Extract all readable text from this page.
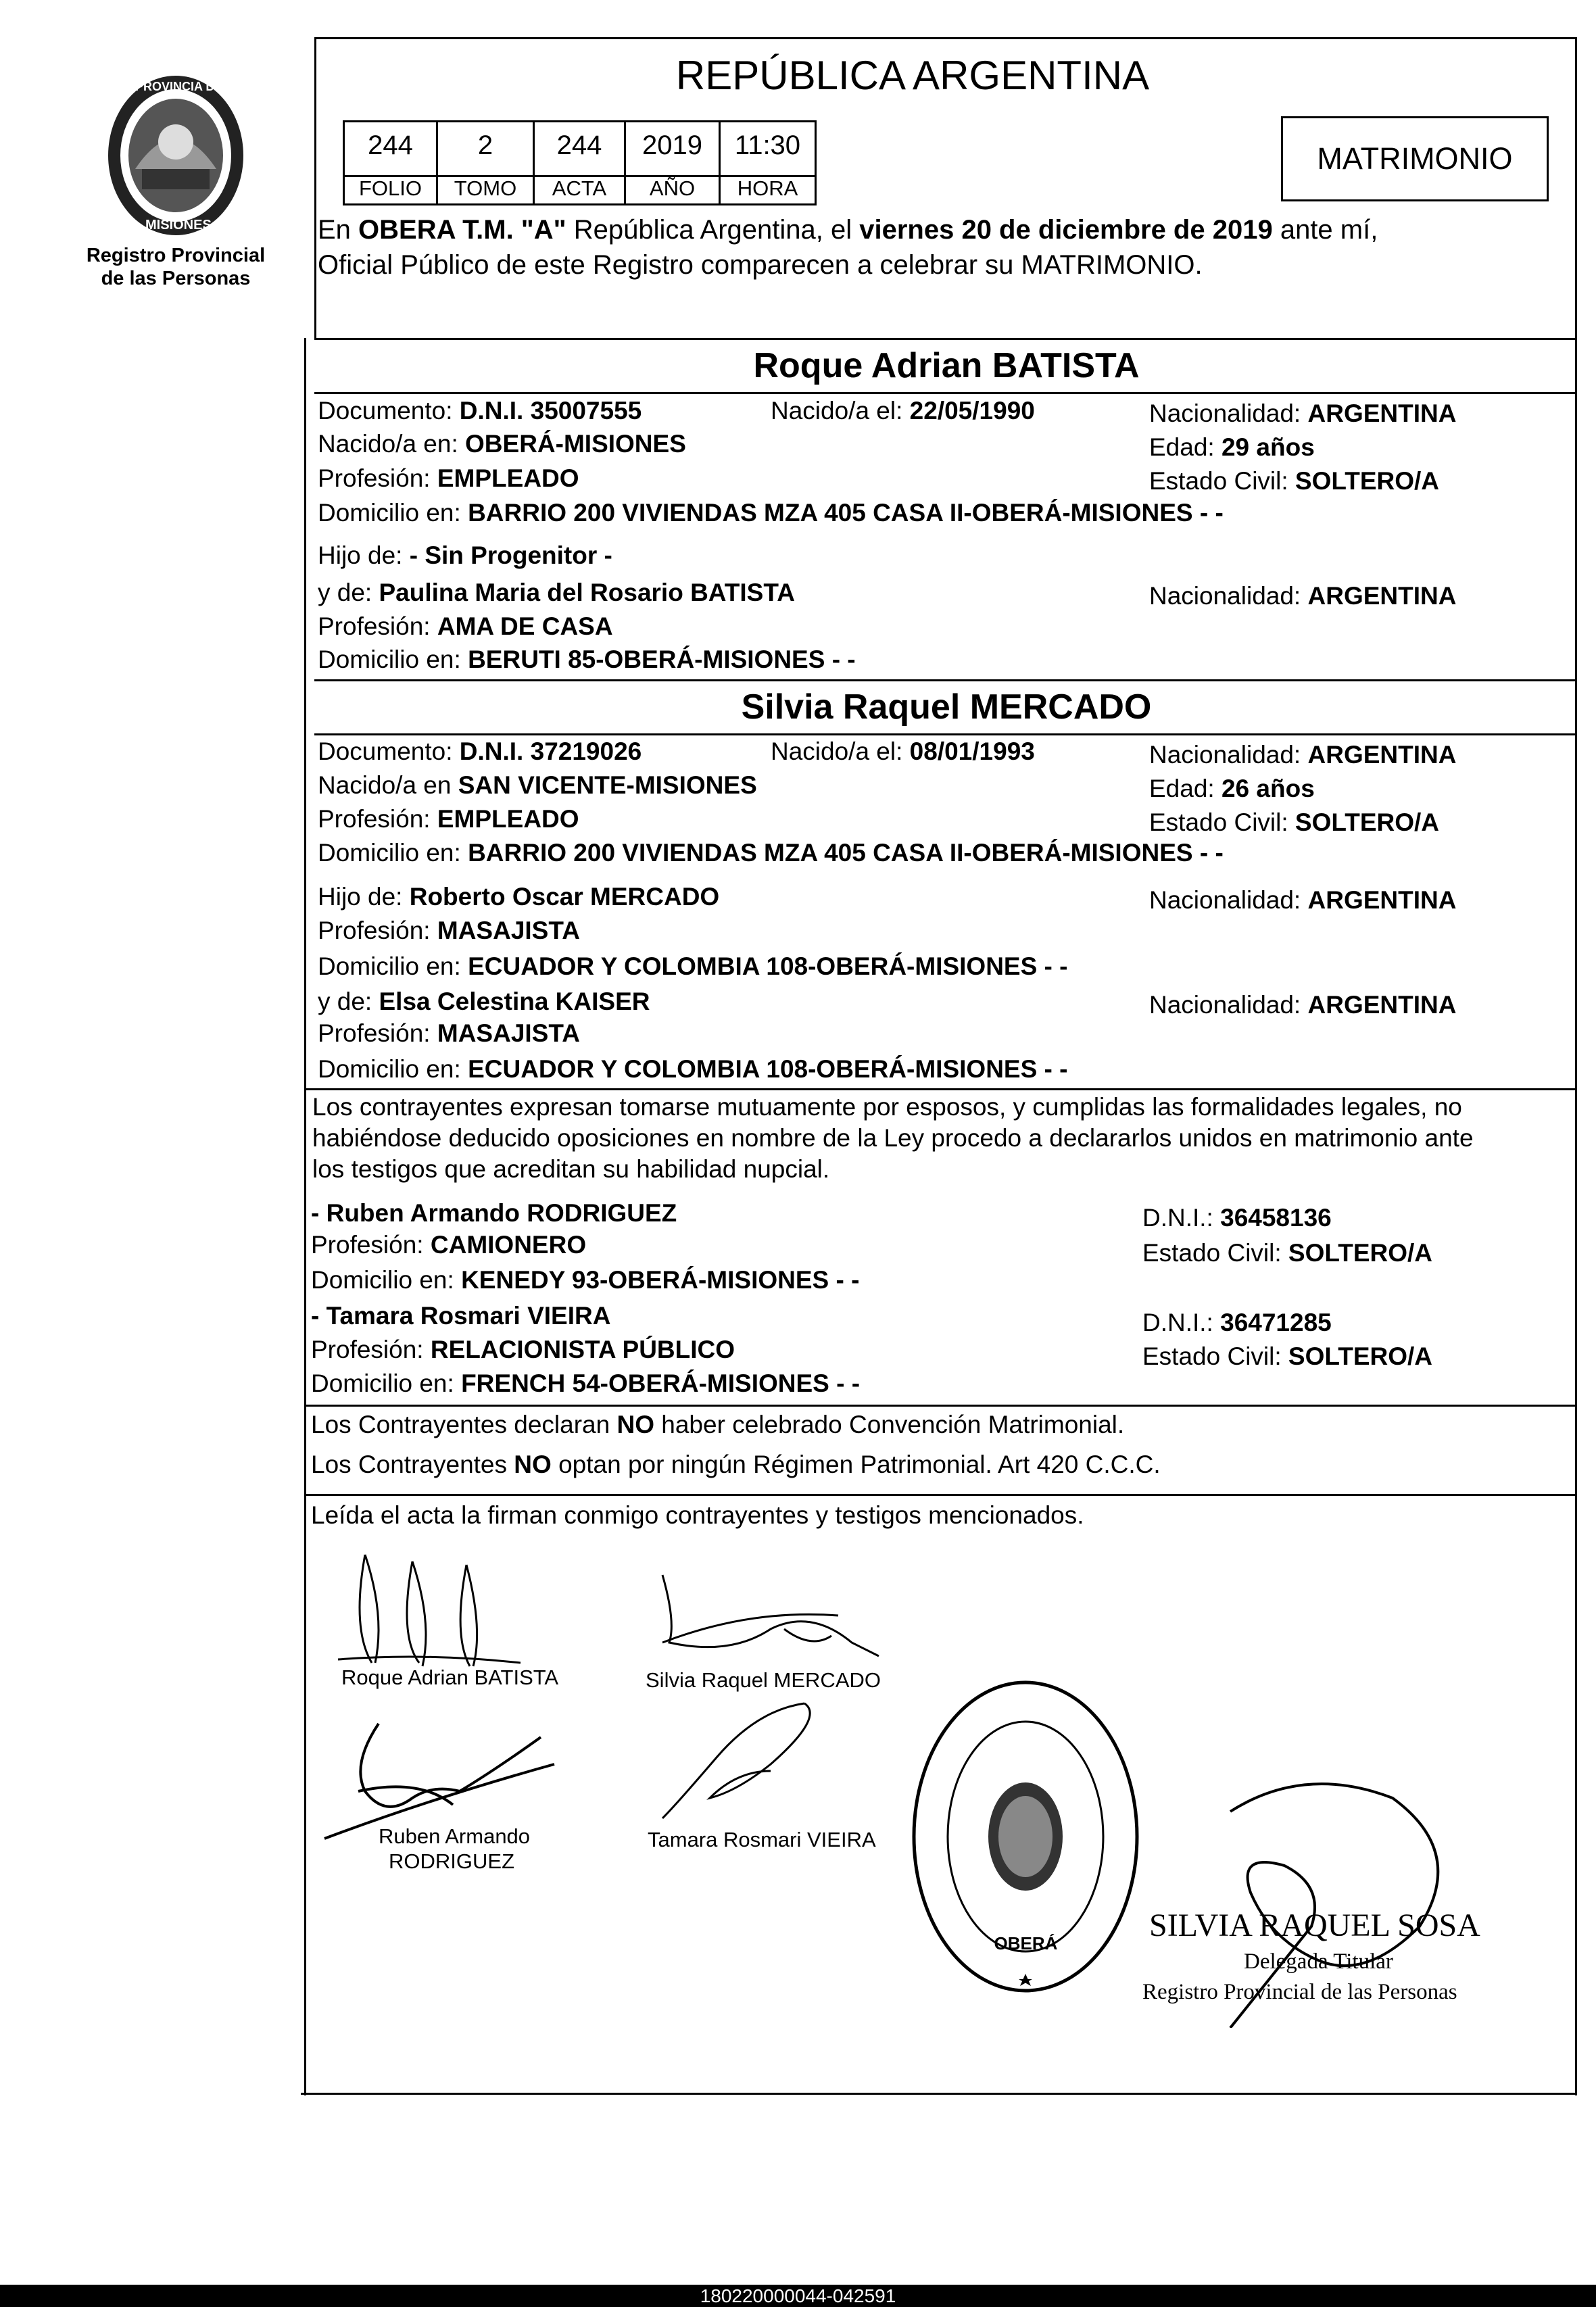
PROVINCIA DE
MISIONES
Registro Provincial
de las Personas
REPÚBLICA ARGENTINA
244	2	244	2019	11:30
FOLIO	TOMO	ACTA	AÑO	HORA
MATRIMONIO
En OBERA T.M. "A" República Argentina, el viernes 20 de diciembre de 2019 ante mí,
Oficial Público de este Registro comparecen a celebrar su MATRIMONIO.
Roque Adrian BATISTA
Documento: D.N.I. 35007555	Nacido/a el: 22/05/1990	Nacionalidad: ARGENTINA
Nacido/a en: OBERÁ-MISIONES	Edad: 29 años
Profesión: EMPLEADO	Estado Civil: SOLTERO/A
Domicilio en: BARRIO 200 VIVIENDAS MZA 405 CASA II-OBERÁ-MISIONES - -
Hijo de: - Sin Progenitor -
y de: Paulina Maria del Rosario BATISTA	Nacionalidad: ARGENTINA
Profesión: AMA DE CASA
Domicilio en: BERUTI 85-OBERÁ-MISIONES - -
Silvia Raquel MERCADO
Documento: D.N.I. 37219026	Nacido/a el: 08/01/1993	Nacionalidad: ARGENTINA
Nacido/a en SAN VICENTE-MISIONES	Edad: 26 años
Profesión: EMPLEADO	Estado Civil: SOLTERO/A
Domicilio en: BARRIO 200 VIVIENDAS MZA 405 CASA II-OBERÁ-MISIONES - -
Hijo de: Roberto Oscar MERCADO	Nacionalidad: ARGENTINA
Profesión: MASAJISTA
Domicilio en: ECUADOR Y COLOMBIA 108-OBERÁ-MISIONES - -
y de: Elsa Celestina KAISER	Nacionalidad: ARGENTINA
Profesión: MASAJISTA
Domicilio en: ECUADOR Y COLOMBIA 108-OBERÁ-MISIONES - -
Los contrayentes expresan tomarse mutuamente por esposos, y cumplidas las formalidades legales, no
habiéndose deducido oposiciones en nombre de la Ley procedo a declararlos unidos en matrimonio ante
los testigos que acreditan su habilidad nupcial.
- Ruben Armando RODRIGUEZ	D.N.I.: 36458136
Profesión: CAMIONERO	Estado Civil: SOLTERO/A
Domicilio en: KENEDY 93-OBERÁ-MISIONES - -
- Tamara Rosmari VIEIRA	D.N.I.: 36471285
Profesión: RELACIONISTA PÚBLICO	Estado Civil: SOLTERO/A
Domicilio en: FRENCH 54-OBERÁ-MISIONES - -
Los Contrayentes declaran NO haber celebrado Convención Matrimonial.
Los Contrayentes NO optan por ningún Régimen Patrimonial. Art 420 C.C.C.
Leída el acta la firman conmigo contrayentes y testigos mencionados.
Roque Adrian BATISTA	Silvia Raquel MERCADO
Ruben Armando
RODRIGUEZ
Tamara Rosmari VIEIRA
OBERÁ	SILVIA RAQUEL SOSA
Delegada Titular
Registro Provincial de las Personas
180220000044-042591
